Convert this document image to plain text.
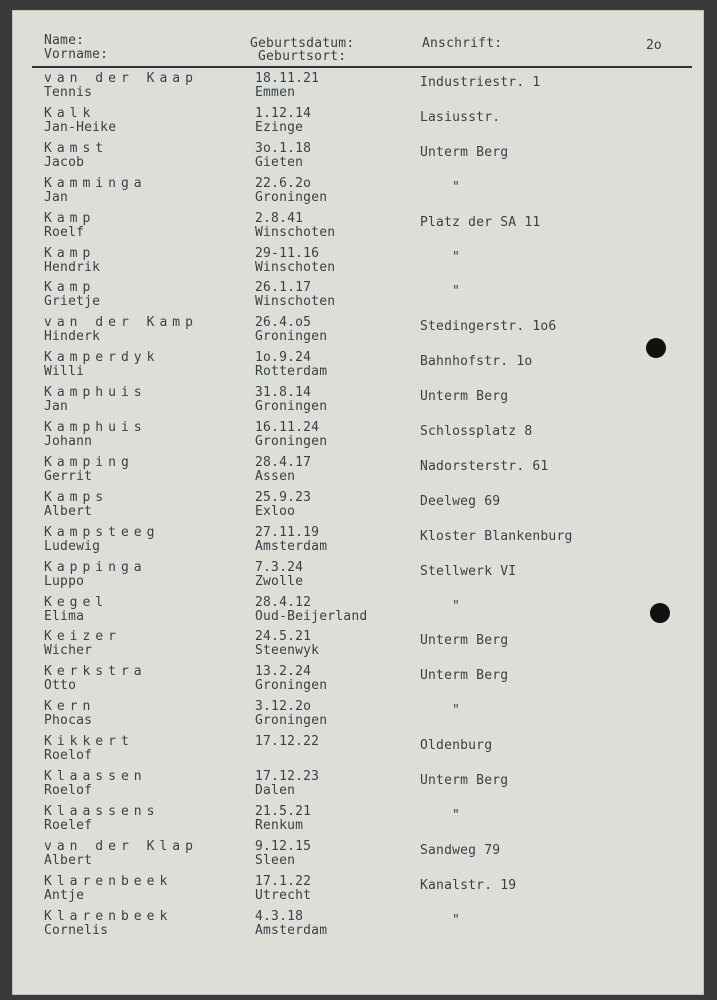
Name:
Vorname:
Geburtsdatum:
Geburtsort:
Anschrift:	2o
van der Kaap
Tennis
18.11.21
Emmen
Industriestr. 1
Kalk
Jan-Heike
1.12.14
Ezinge
Lasiusstr.
Kamst
Jacob
3o.1.18
Gieten
Unterm Berg
Kamminga
Jan
22.6.2o
Groningen
"
Kamp
Roelf
2.8.41
Winschoten
Platz der SA 11
Kamp
Hendrik
29-11.16
Winschoten
"
Kamp
Grietje
26.1.17
Winschoten
"
van der Kamp
Hinderk
26.4.o5
Groningen
Stedingerstr. 1o6
Kamperdyk
Willi
1o.9.24
Rotterdam
Bahnhofstr. 1o
Kamphuis
Jan
31.8.14
Groningen
Unterm Berg
Kamphuis
Johann
16.11.24
Groningen
Schlossplatz 8
Kamping
Gerrit
28.4.17
Assen
Nadorsterstr. 61
Kamps
Albert
25.9.23
Exloo
Deelweg 69
Kampsteeg
Ludewig
27.11.19
Amsterdam
Kloster Blankenburg
Kappinga
Luppo
7.3.24
Zwolle
Stellwerk VI
Kegel
Elima
28.4.12
Oud-Beijerland
"
Keizer
Wicher
24.5.21
Steenwyk
Unterm Berg
Kerkstra
Otto
13.2.24
Groningen
Unterm Berg
Kern
Phocas
3.12.2o
Groningen
"
Kikkert
Roelof
17.12.22	Oldenburg
Klaassen
Roelof
17.12.23
Dalen
Unterm Berg
Klaassens
Roelef
21.5.21
Renkum
"
van der Klap
Albert
9.12.15
Sleen
Sandweg 79
Klarenbeek
Antje
17.1.22
Utrecht
Kanalstr. 19
Klarenbeek
Cornelis
4.3.18
Amsterdam
"
